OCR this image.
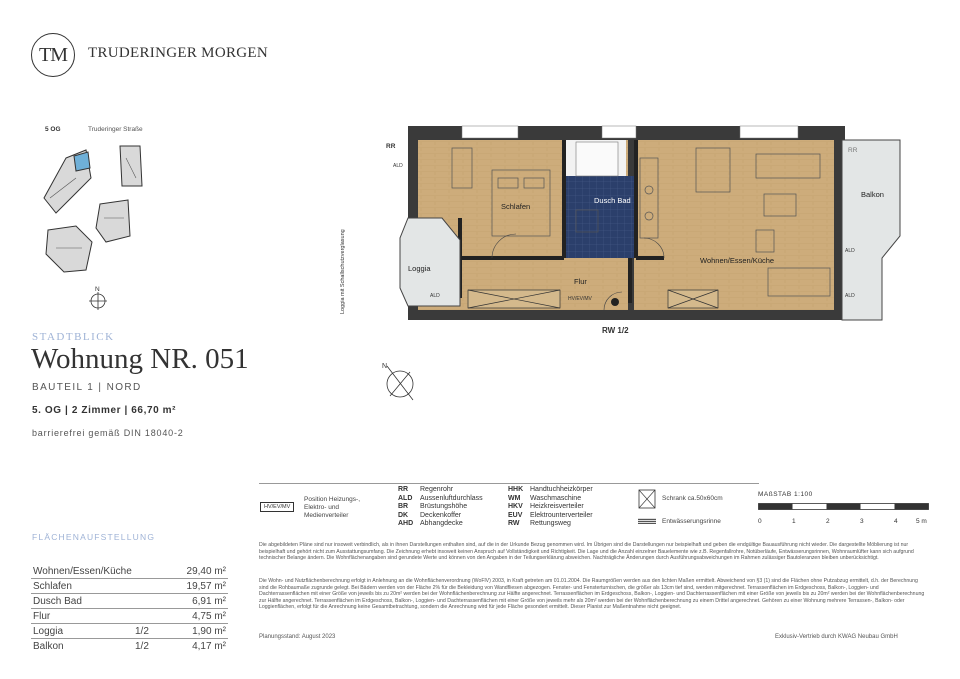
TM	TRUDERINGER MORGEN
5 OG	Truderinger Straße
N
STADTBLICK
Wohnung NR. 051
BAUTEIL 1 | NORD
5. OG | 2 Zimmer | 66,70 m²
barrierefrei gemäß DIN 18040-2
N
FLÄCHENAUFSTELLUNG
Wohnen/Essen/Küche	29,40 m²
Schlafen	19,57 m²
Dusch Bad	6,91 m²
Flur	4,75 m²
Loggia	1/2	1,90 m²
Balkon	1/2	4,17 m²
Schlafen
Dusch Bad
Wohnen/Essen/Küche
Flur
Loggia
Balkon
RR
RR
ALD
ALD
ALD
ALD
HV/EV/MV
RW 1/2
Loggia mit Schallschutzverglasung
HV/EV/MV
Position Heizungs-,
Elektro- und
Medienverteiler
RR Regenrohr
ALD Aussenluftdurchlass
BR Brüstungshöhe
DK Deckenkoffer
AHD Abhangdecke
HHK Handtuchheizkörper
WM Waschmaschine
HKV Heizkreisverteiler
EUV Elektrounterverteiler
RW Rettungsweg
Schrank ca.50x60cm
Entwässerungsrinne
MAßSTAB 1:100
0	1	2	3	4	5 m
Die abgebildeten Pläne sind nur insoweit verbindlich, als in ihnen Darstellungen enthalten sind, auf die in der Urkunde Bezug genommen wird. Im Übrigen sind die Darstellungen nur beispielhaft und geben die endgültige Bauausführung nicht wieder. Die dargestellte Möblierung ist nur beispielhaft und gehört nicht zum Ausstattungsumfang. Die Zeichnung erhebt insoweit keinen Anspruch auf Vollständigkeit und Richtigkeit. Die Lage und die Anzahl einzelner Bauelemente wie z.B. Regenfallrohre, Notüberläufe, Entwässerungsrinnen, Wohnraumlüfter kann sich aufgrund technischer Belange ändern. Die Wohnflächenangaben sind gerundete Werte und können von den Angaben in der Teilungserklärung abweichen. Nachträgliche Änderungen durch Ausführungsabweichungen im Rahmen zulässiger Bautoleranzen bleiben unberücksichtigt.
Die Wohn- und Nutzflächenberechnung erfolgt in Anlehnung an die Wohnflächenverordnung (WoFlV) 2003, in Kraft getreten am 01.01.2004. Die Raumgrößen werden aus den lichten Maßen ermittelt. Abweichend von §3 (1) sind die Flächen ohne Putzabzug ermittelt, d.h. der Berechnung sind die Rohbaumaße zugrunde gelegt. Bei Bädern werden von der Fläche 2% für die Bekleidung von Wandfliesen abgezogen. Fenster- und Fensterturnischen, die größer als 13cm tief sind, werden mitgerechnet. Terrassenflächen im Erdgeschoss, Balkon-, Loggien- und Dachterrassenflächen mit einer Größe von jeweils bis zu 20m² werden bei der Wohnflächenberechnung zur Hälfte angerechnet. Terrassenflächen im Erdgeschoss, Balkon-, Loggien- und Dachterrassenflächen mit einer Größe von jeweils bis zu 20m² werden bei der Wohnflächenberechnung zur Hälfte angerechnet. Terrassenflächen im Erdgeschoss, Balkon-, Loggien- und Dachterrassenflächen mit einer Größe von jeweils mehr als 20m² werden bei der Wohnflächenberechnung zu einem Drittel angerechnet. Gehören zu einer Wohnung mehrere Terrassen-, Balkon- oder Loggienflächen, erfolgt für die Anrechnung keine Gesamtbetrachtung, sondern die Anrechnung wird für jede Fläche gesondert ermittelt. Dieser Planist zur Maßentnahme nicht geeignet.
Planungsstand: August 2023	Exklusiv-Vertrieb durch KWAG Neubau GmbH
